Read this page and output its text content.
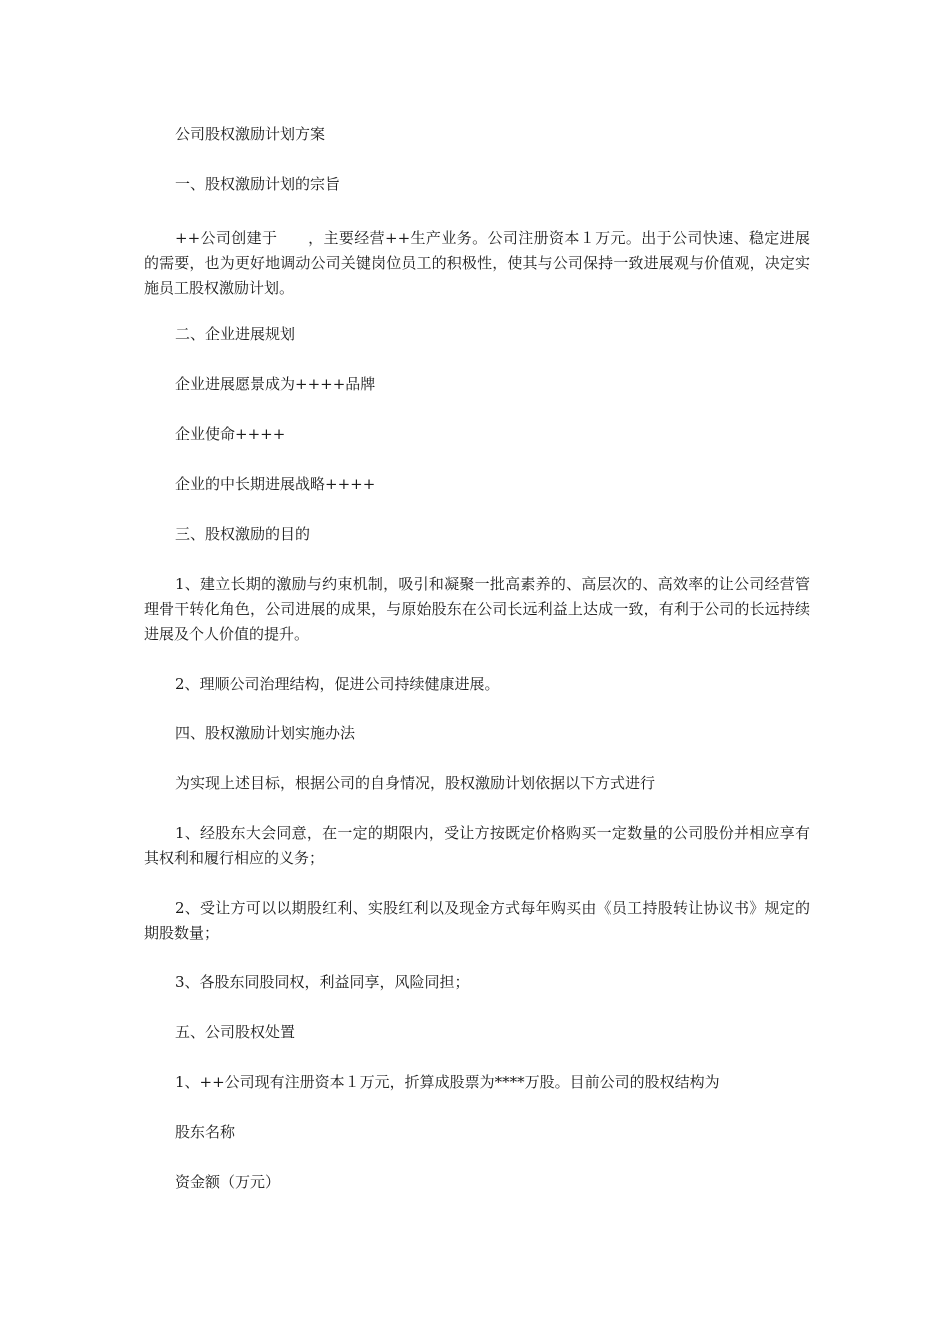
公司股权激励计划方案

一、股权激励计划的宗旨

++公司创建于　　，主要经营++生产业务。公司注册资本１万元。出于公司快速、稳定进展的需要，也为更好地调动公司关键岗位员工的积极性，使其与公司保持一致进展观与价值观，决定实施员工股权激励计划。

二、企业进展规划

企业进展愿景成为++++品牌

企业使命++++

企业的中长期进展战略++++

三、股权激励的目的

1、建立长期的激励与约束机制，吸引和凝聚一批高素养的、高层次的、高效率的让公司经营管理骨干转化角色，公司进展的成果，与原始股东在公司长远利益上达成一致，有利于公司的长远持续进展及个人价值的提升。

2、理顺公司治理结构，促进公司持续健康进展。

四、股权激励计划实施办法

为实现上述目标，根据公司的自身情况，股权激励计划依据以下方式进行

1、经股东大会同意，在一定的期限内，受让方按既定价格购买一定数量的公司股份并相应享有其权利和履行相应的义务；

2、受让方可以以期股红利、实股红利以及现金方式每年购买由《员工持股转让协议书》规定的期股数量；

3、各股东同股同权，利益同享，风险同担；

五、公司股权处置

1、++公司现有注册资本１万元，折算成股票为****万股。目前公司的股权结构为

股东名称

资金额（万元）
